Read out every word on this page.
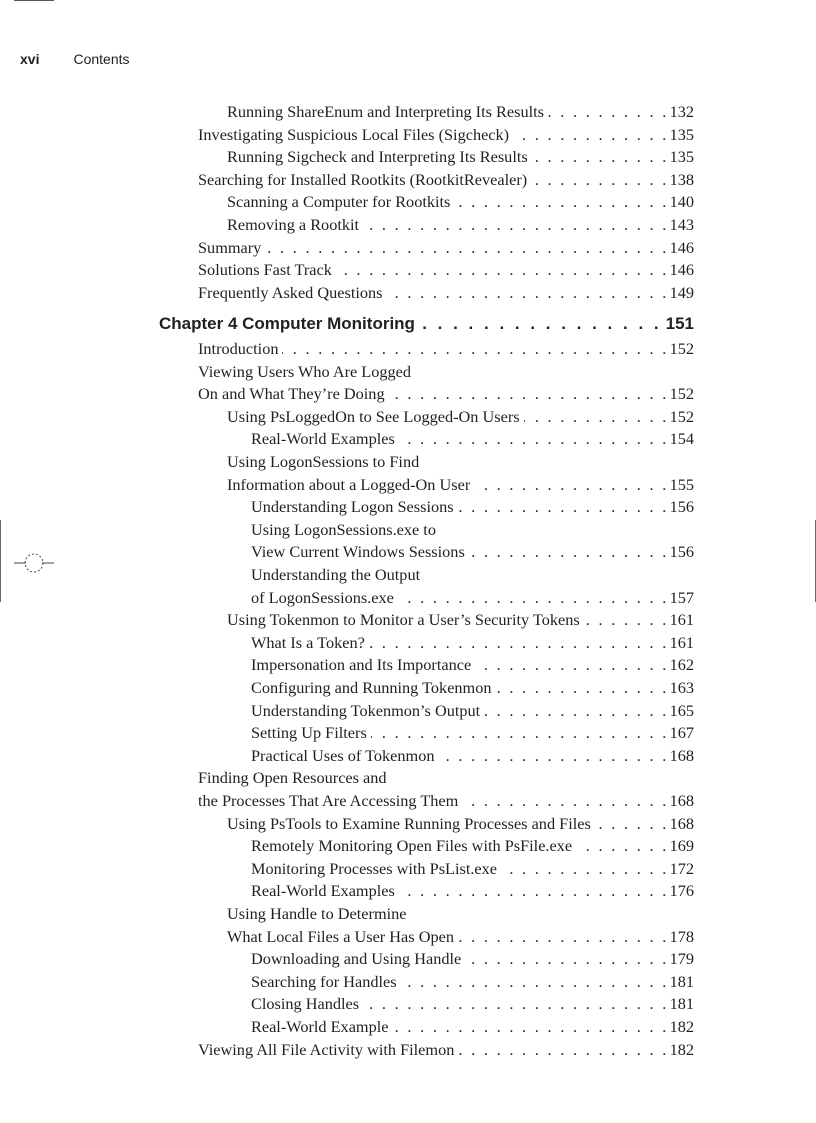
xvi Contents
Running ShareEnum and Interpreting Its Results . . .	132
Investigating Suspicious Local Files (Sigcheck) . . .	135
Running Sigcheck and Interpreting Its Results . . .	135
Searching for Installed Rootkits (RootkitRevealer) . . .	138
Scanning a Computer for Rootkits . . .	140
Removing a Rootkit . . .	143
Summary . . .	146
Solutions Fast Track . . .	146
Frequently Asked Questions . . .	149
Chapter 4 Computer Monitoring . . .	151
Introduction . . .	152
Viewing Users Who Are Logged
On and What They’re Doing . . .	152
Using PsLoggedOn to See Logged-On Users . . .	152
Real-World Examples . . .	154
Using LogonSessions to Find
Information about a Logged-On User . . .	155
Understanding Logon Sessions . . .	156
Using LogonSessions.exe to
View Current Windows Sessions . . .	156
Understanding the Output
of LogonSessions.exe . . .	157
Using Tokenmon to Monitor a User’s Security Tokens . . .	161
What Is a Token? . . .	161
Impersonation and Its Importance . . .	162
Configuring and Running Tokenmon . . .	163
Understanding Tokenmon’s Output . . .	165
Setting Up Filters . . .	167
Practical Uses of Tokenmon . . .	168
Finding Open Resources and
the Processes That Are Accessing Them . . .	168
Using PsTools to Examine Running Processes and Files . . .	168
Remotely Monitoring Open Files with PsFile.exe . . .	169
Monitoring Processes with PsList.exe . . .	172
Real-World Examples . . .	176
Using Handle to Determine
What Local Files a User Has Open . . .	178
Downloading and Using Handle . . .	179
Searching for Handles . . .	181
Closing Handles . . .	181
Real-World Example . . .	182
Viewing All File Activity with Filemon . . .	182
